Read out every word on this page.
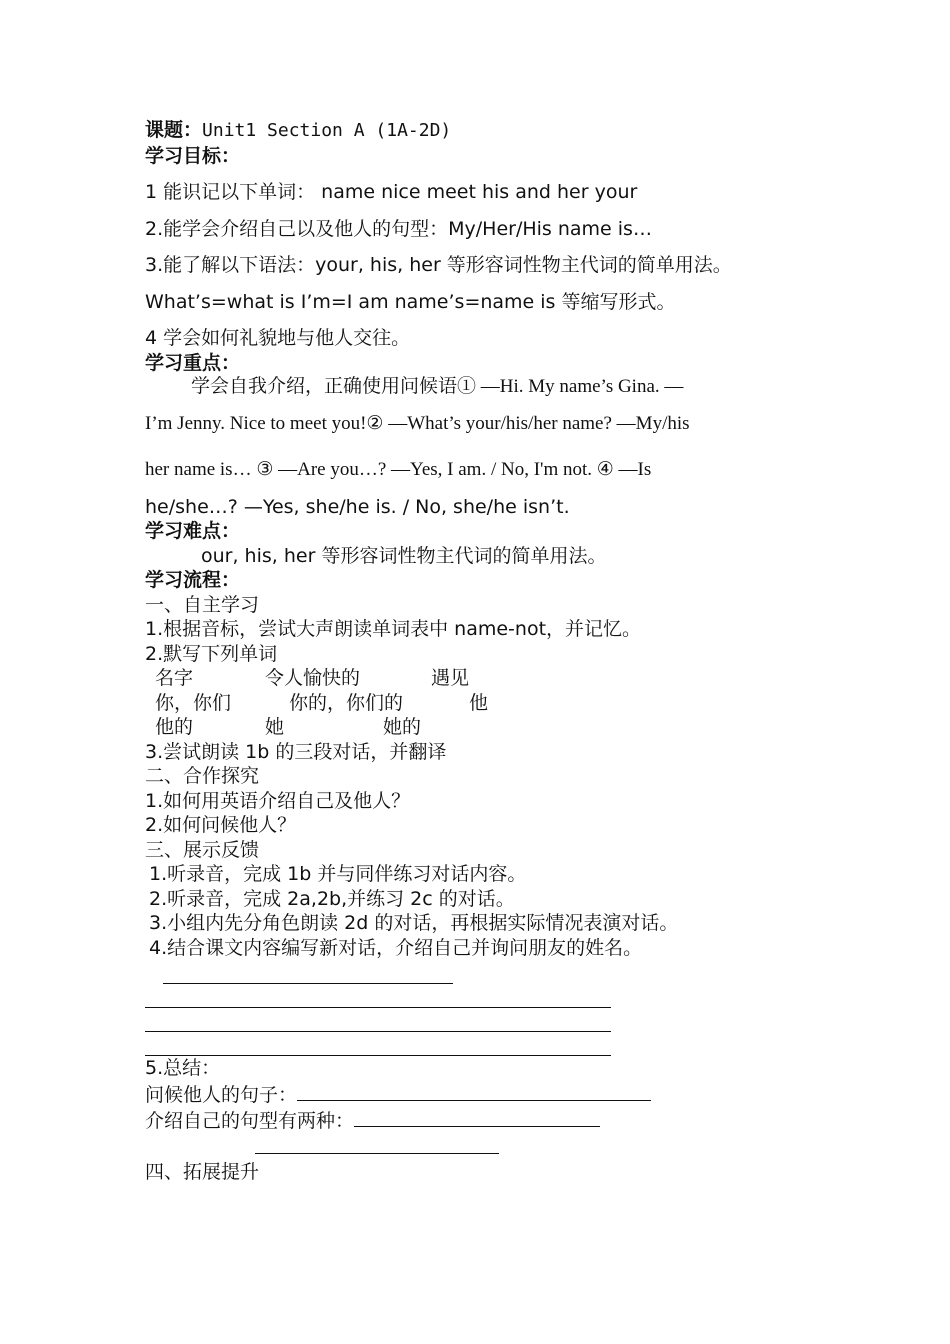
课题：Unit1 Section A (1A-2D)
学习目标：
1 能识记以下单词： name nice meet his and her your
2.能学会介绍自己以及他人的句型：My/Her/His name is…
3.能了解以下语法：your, his, her 等形容词性物主代词的简单用法。
What’s=what is I’m=I am name’s=name is 等缩写形式。
4 学会如何礼貌地与他人交往。
学习重点：
学会自我介绍，正确使用问候语① —Hi. My name’s Gina. —
I’m Jenny. Nice to meet you!② —What’s your/his/her name? —My/his
her name is… ③ —Are you…? —Yes, I am. / No, I'm not. ④ —Is
he/she…? —Yes, she/he is. / No, she/he isn’t.
学习难点：
our, his, her 等形容词性物主代词的简单用法。
学习流程：
一、自主学习
1.根据音标，尝试大声朗读单词表中 name-not，并记忆。
2.默写下列单词
名字	令人愉快的	遇见
你，你们	你的，你们的	他
他的	她	她的
3.尝试朗读 1b 的三段对话，并翻译
二、合作探究
1.如何用英语介绍自己及他人？
2.如何问候他人？
三、展示反馈
1.听录音，完成 1b 并与同伴练习对话内容。
2.听录音，完成 2a,2b,并练习 2c 的对话。
3.小组内先分角色朗读 2d 的对话，再根据实际情况表演对话。
4.结合课文内容编写新对话，介绍自己并询问朋友的姓名。
5.总结：
问候他人的句子：
介绍自己的句型有两种：
四、拓展提升
